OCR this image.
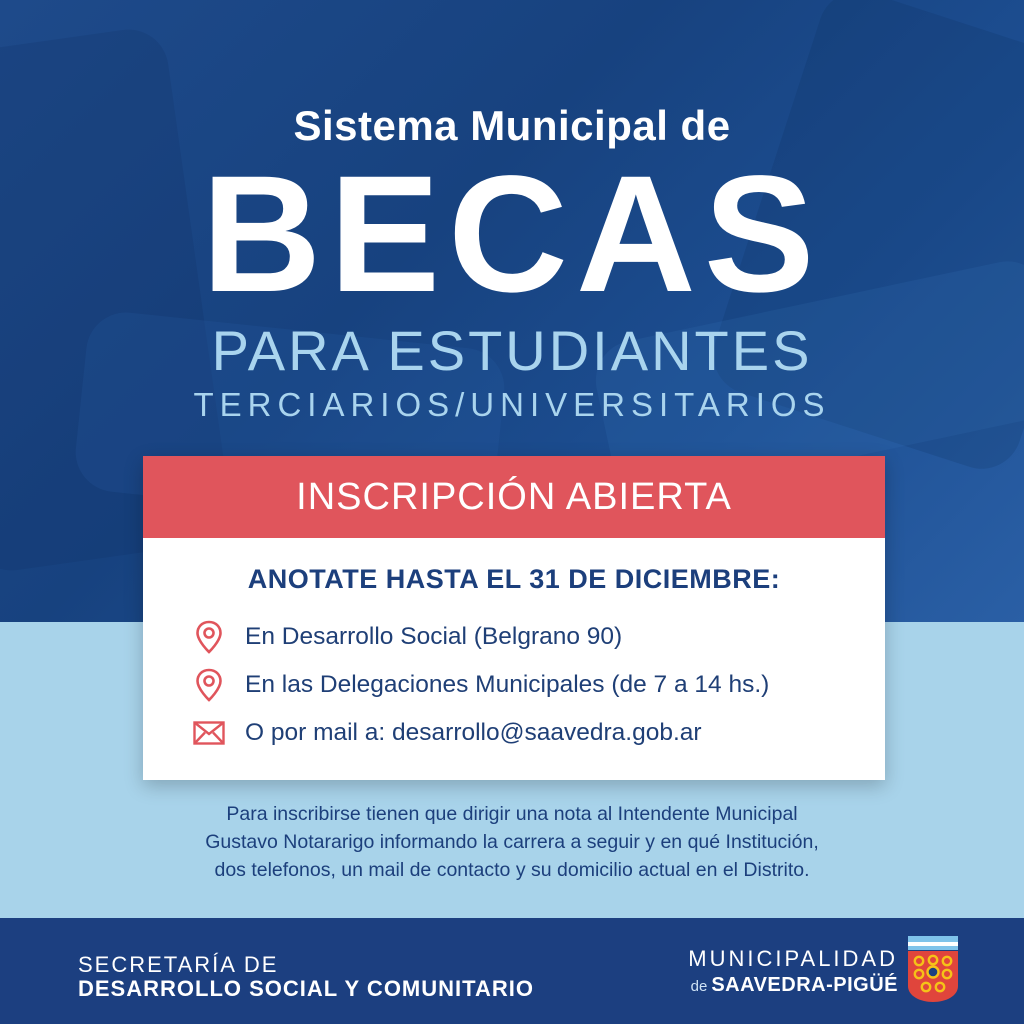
Sistema Municipal de
BECAS
PARA ESTUDIANTES
TERCIARIOS/UNIVERSITARIOS
INSCRIPCIÓN ABIERTA
ANOTATE HASTA EL 31 DE DICIEMBRE:
En Desarrollo Social (Belgrano 90)
En las Delegaciones Municipales (de 7 a 14 hs.)
O por mail a: desarrollo@saavedra.gob.ar
Para inscribirse tienen que dirigir una nota al Intendente Municipal
Gustavo Notararigo informando la carrera a seguir y en qué Institución,
dos telefonos, un mail de contacto y su domicilio actual en el Distrito.
SECRETARÍA DE
DESARROLLO SOCIAL Y COMUNITARIO
MUNICIPALIDAD
de SAAVEDRA-PIGÜÉ
